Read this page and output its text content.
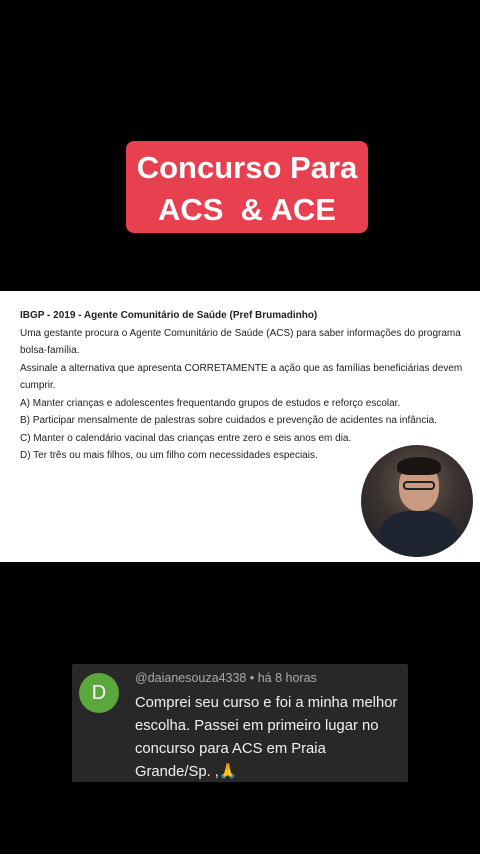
Concurso Para
ACS  & ACE

IBGP - 2019 - Agente Comunitário de Saúde (Pref Brumadinho)

Uma gestante procura o Agente Comunitário de Saúde (ACS) para saber informações do programa bolsa-família.

Assinale a alternativa que apresenta CORRETAMENTE a ação que as famílias beneficiárias devem cumprir.

A) Manter crianças e adolescentes frequentando grupos de estudos e reforço escolar.

B) Participar mensalmente de palestras sobre cuidados e prevenção de acidentes na infância.

C) Manter o calendário vacinal das crianças entre zero e seis anos em dia.

D) Ter três ou mais filhos, ou um filho com necessidades especiais.

D
@daianesouza4338 • há 8 horas
Comprei seu curso e foi a minha melhor escolha. Passei em primeiro lugar no concurso para ACS em Praia Grande/Sp. ,🙏
